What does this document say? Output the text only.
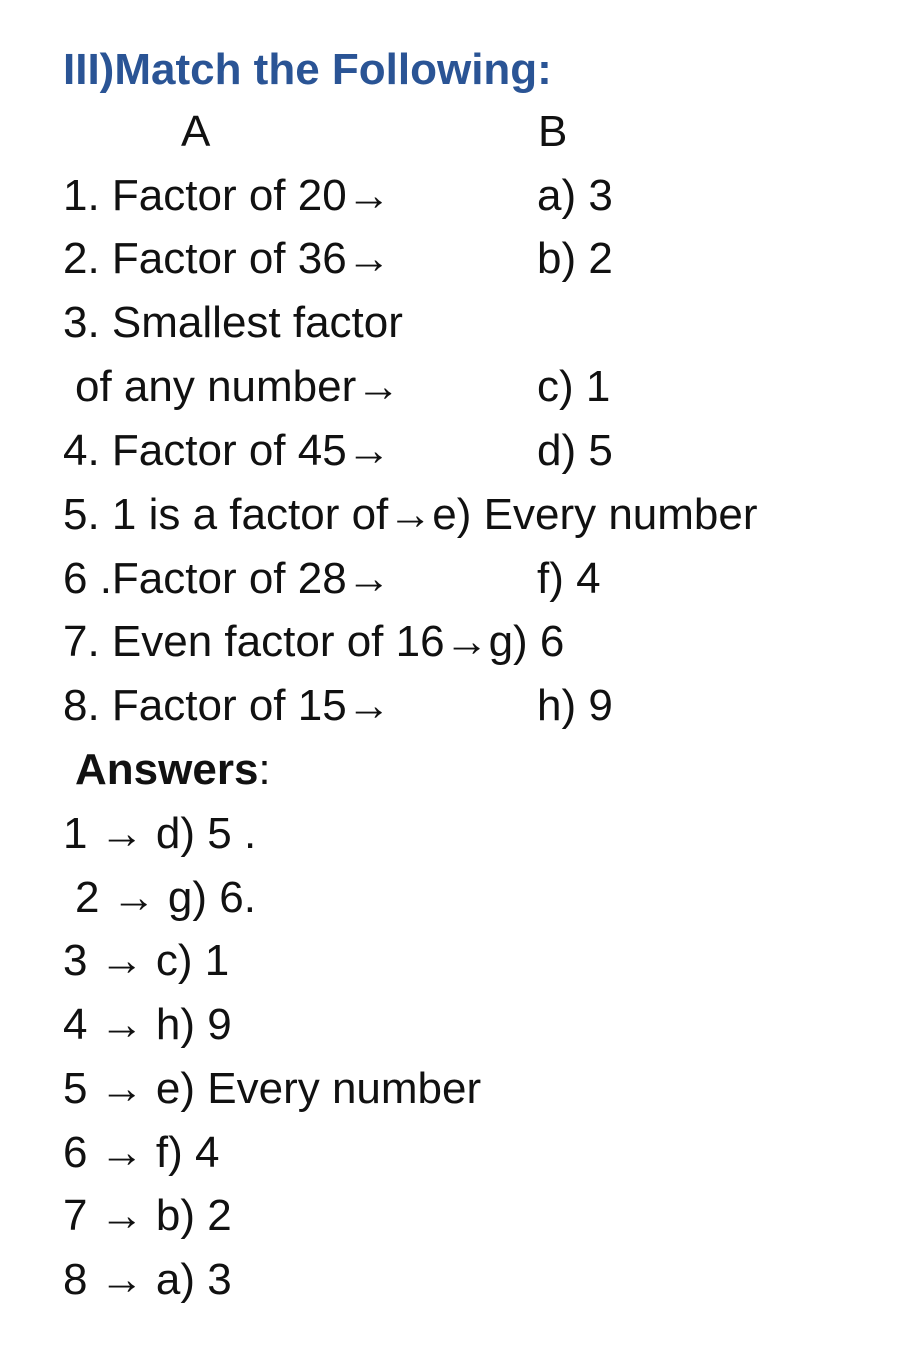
III)Match the Following:
A	B
1. Factor of 20→	a) 3
2. Factor of 36→	b) 2
3. Smallest factor
of any number→	c) 1
4. Factor of 45→	d) 5
5. 1 is a factor of→e) Every number
6 .Factor of 28→	f) 4
7. Even factor of 16→g) 6
8. Factor of 15→	h) 9
Answers:
1 → d) 5 .
2 → g) 6.
3 → c) 1
4 → h) 9
5 → e) Every number
6 → f) 4
7 → b) 2
8 → a) 3
